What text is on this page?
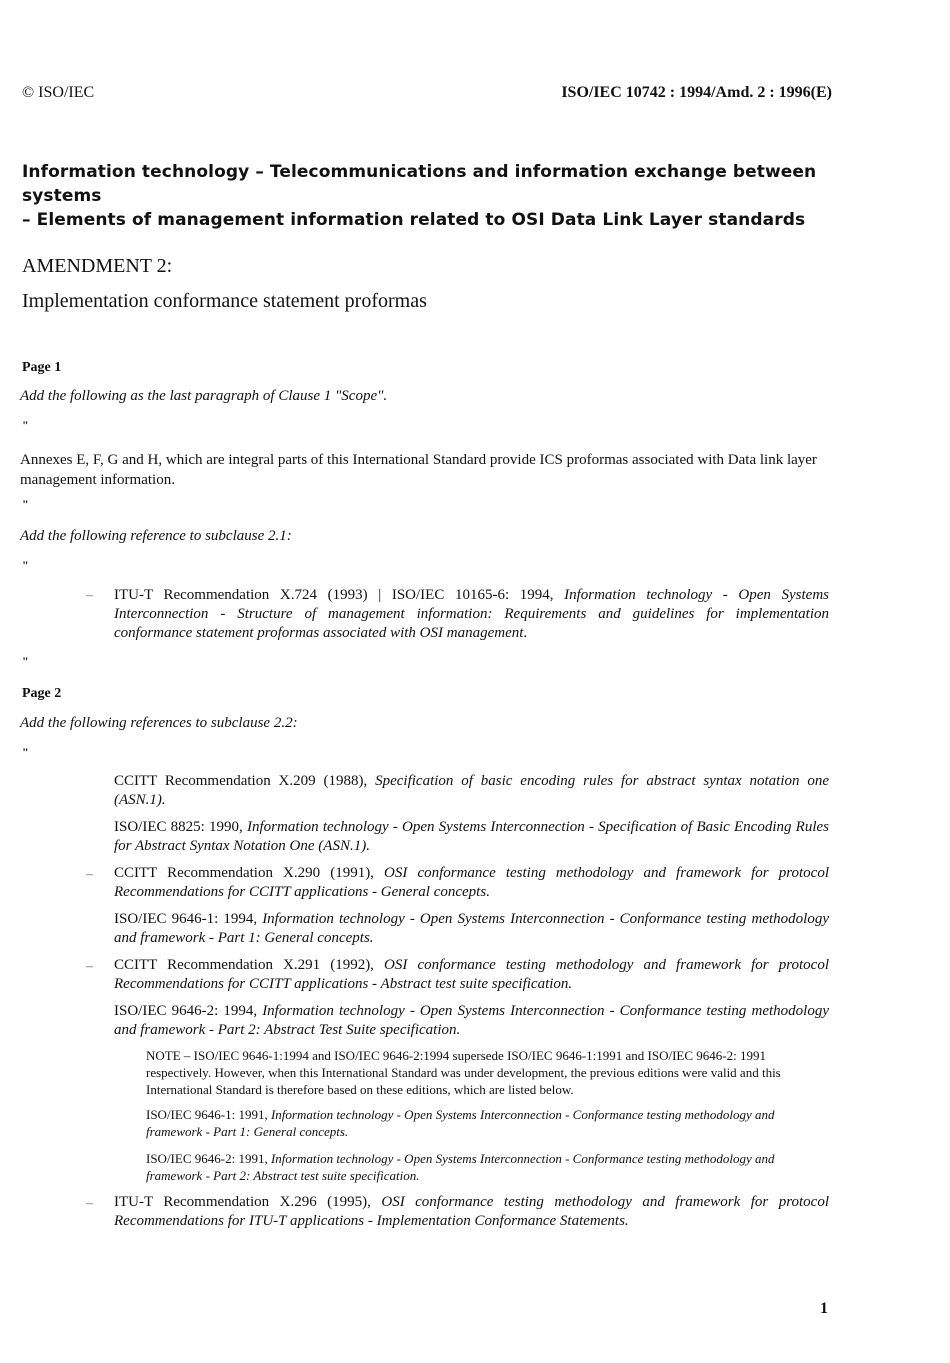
© ISO/IEC	ISO/IEC 10742 : 1994/Amd. 2 : 1996(E)
Information technology – Telecommunications and information exchange between systems
– Elements of management information related to OSI Data Link Layer standards
AMENDMENT 2:
Implementation conformance statement proformas
Page 1
Add the following as the last paragraph of Clause 1 "Scope".
"
Annexes E, F, G and H, which are integral parts of this International Standard provide ICS proformas associated with Data link layer management information.
"
Add the following reference to subclause 2.1:
"
– ITU-T Recommendation X.724 (1993) | ISO/IEC 10165-6: 1994, Information technology - Open Systems Interconnection - Structure of management information: Requirements and guidelines for implementation conformance statement proformas associated with OSI management.
"
Page 2
Add the following references to subclause 2.2:
"
CCITT Recommendation X.209 (1988), Specification of basic encoding rules for abstract syntax notation one (ASN.1).
ISO/IEC 8825: 1990, Information technology - Open Systems Interconnection - Specification of Basic Encoding Rules for Abstract Syntax Notation One (ASN.1).
– CCITT Recommendation X.290 (1991), OSI conformance testing methodology and framework for protocol Recommendations for CCITT applications - General concepts.
ISO/IEC 9646-1: 1994, Information technology - Open Systems Interconnection - Conformance testing methodology and framework - Part 1: General concepts.
– CCITT Recommendation X.291 (1992), OSI conformance testing methodology and framework for protocol Recommendations for CCITT applications - Abstract test suite specification.
ISO/IEC 9646-2: 1994, Information technology - Open Systems Interconnection - Conformance testing methodology and framework - Part 2: Abstract Test Suite specification.
NOTE – ISO/IEC 9646-1:1994 and ISO/IEC 9646-2:1994 supersede ISO/IEC 9646-1:1991 and ISO/IEC 9646-2: 1991 respectively. However, when this International Standard was under development, the previous editions were valid and this International Standard is therefore based on these editions, which are listed below.
ISO/IEC 9646-1: 1991, Information technology - Open Systems Interconnection - Conformance testing methodology and framework - Part 1: General concepts.
ISO/IEC 9646-2: 1991, Information technology - Open Systems Interconnection - Conformance testing methodology and framework - Part 2: Abstract test suite specification.
– ITU-T Recommendation X.296 (1995), OSI conformance testing methodology and framework for protocol Recommendations for ITU-T applications - Implementation Conformance Statements.
1
